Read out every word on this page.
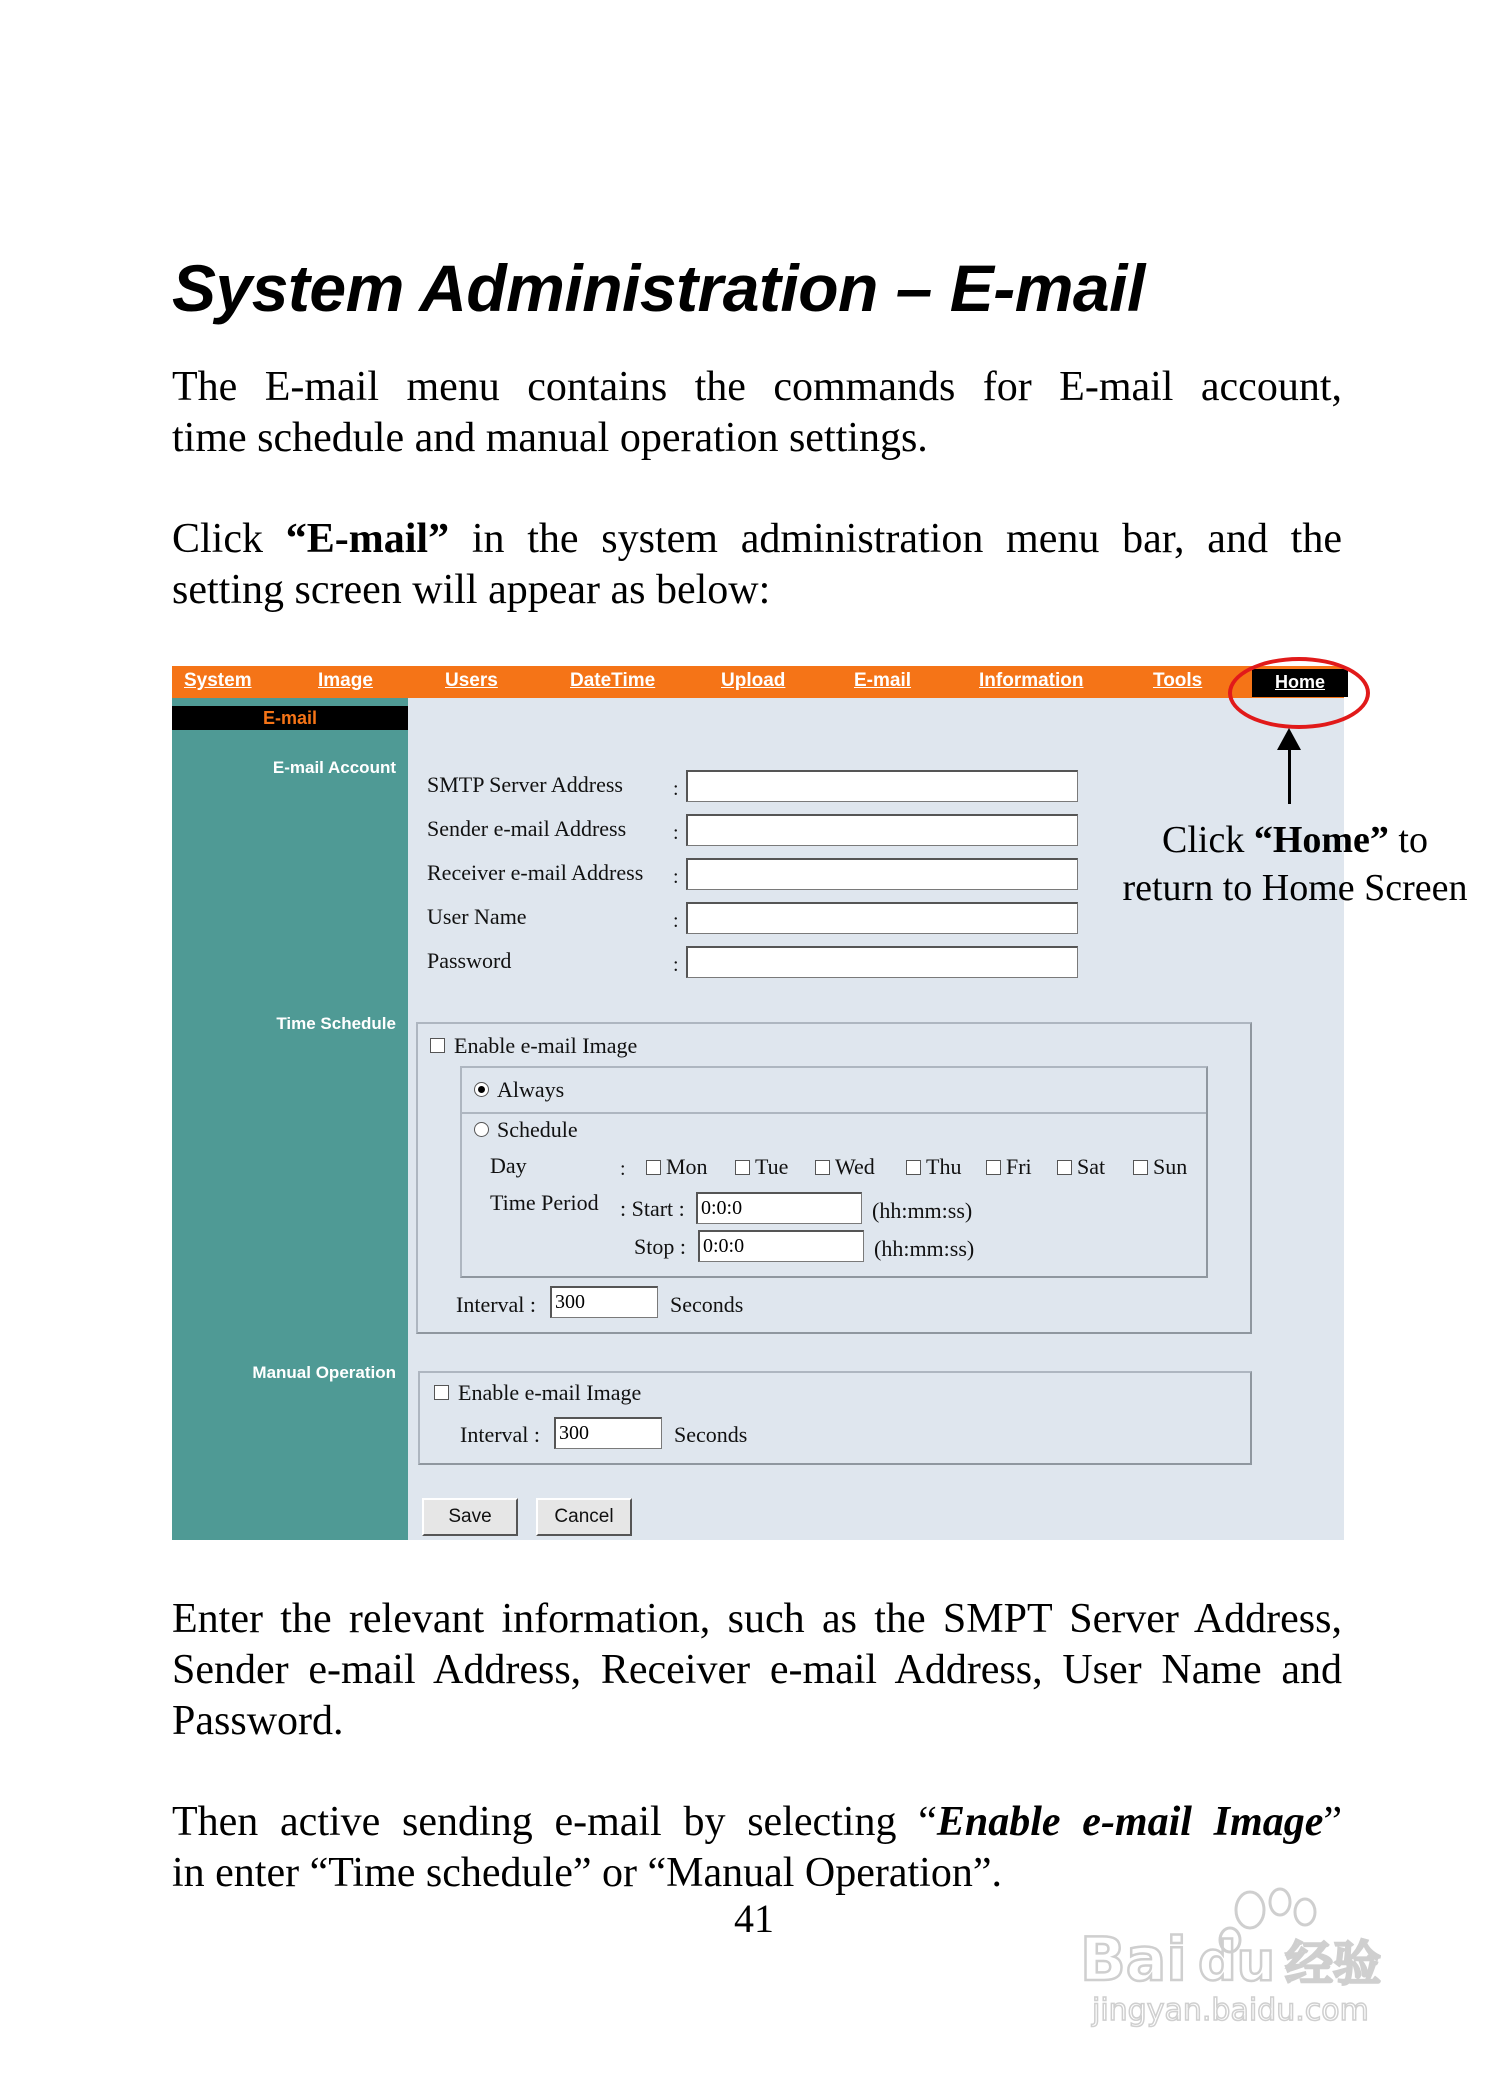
System Administration – E-mail
The E-mail menu contains the commands for E-mail account,
time schedule and manual operation settings.
Click “E-mail” in the system administration menu bar, and the
setting screen will appear as below:
System	Image	Users	DateTime	Upload	E-mail	Information	Tools	Home
E-mail Account
Time Schedule
Manual Operation
E-mail
SMTP Server Address	:
Sender e-mail Address :
Receiver e-mail Address :
User Name	:
Password	:
Enable e-mail Image
Always
Schedule
Day	: Mon Tue Wed Thu Fri Sat Sun
Time Period : Start :
0:0:0	(hh:mm:ss)
Stop :
0:0:0	(hh:mm:ss)
Interval :
300	Seconds
Enable e-mail Image
Interval :
300	Seconds
Save	Cancel
Click “Home” to
return to Home Screen
Enter the relevant information, such as the SMPT Server Address,
Sender e-mail Address, Receiver e-mail Address, User Name and
Password.
Then active sending e-mail by selecting “Enable e-mail Image”
in enter “Time schedule” or “Manual Operation”.
41
Bai du 经验
jingyan.baidu.com
